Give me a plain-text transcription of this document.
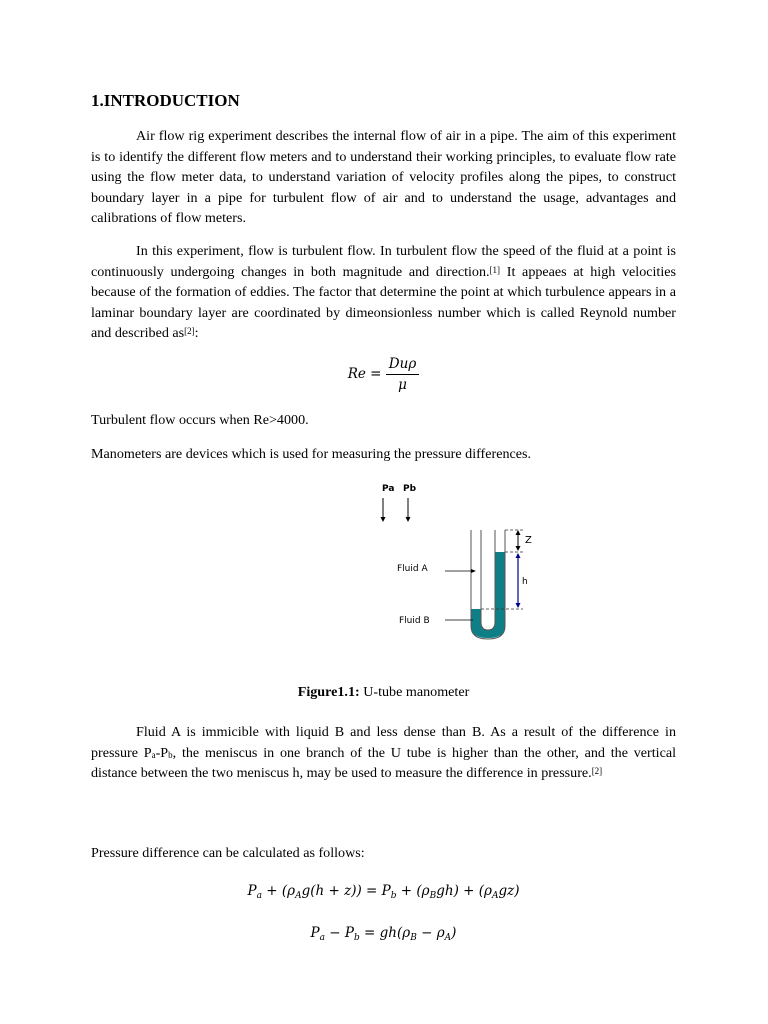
1.INTRODUCTION

Air flow rig experiment describes the internal flow of air in a pipe. The aim of this experiment is to identify the different flow meters and to understand their working principles, to evaluate flow rate using the flow meter data, to understand variation of velocity profiles along the pipes, to construct boundary layer in a pipe for turbulent flow of air and to understand the usage, advantages and calibrations of flow meters.

In this experiment, flow is turbulent flow. In turbulent flow the speed of the fluid at a point is continuously undergoing changes in both magnitude and direction.[1] It appeaes at high velocities because of the formation of eddies. The factor that determine the point at which turbulence appears in a laminar boundary layer are coordinated by dimeonsionless number which is called Reynold number and described as[2]:

$Re = \frac{\text{Duρ}}{\mu}$

Turbulent flow occurs when Re>4000.

Manometers are devices which is used for measuring the pressure differences.

Pa Pb
Z
h
Fluid A
Fluid B
Figure1.1: U-tube manometer

Fluid A is immicible with liquid B and less dense than B. As a result of the difference in pressure $P_a-P_b$, the meniscus in one branch of the U tube is higher than the other, and the vertical distance between the two meniscus h, may be used to measure the difference in pressure.[2]

Pressure difference can be calculated as follows:

$P_a + (\rho_Ag(h + z)) = P_b + (\rho_Bgh) + (\rho_Agz)$
$P_a - P_b = gh(\rho_B - \rho_A)$
